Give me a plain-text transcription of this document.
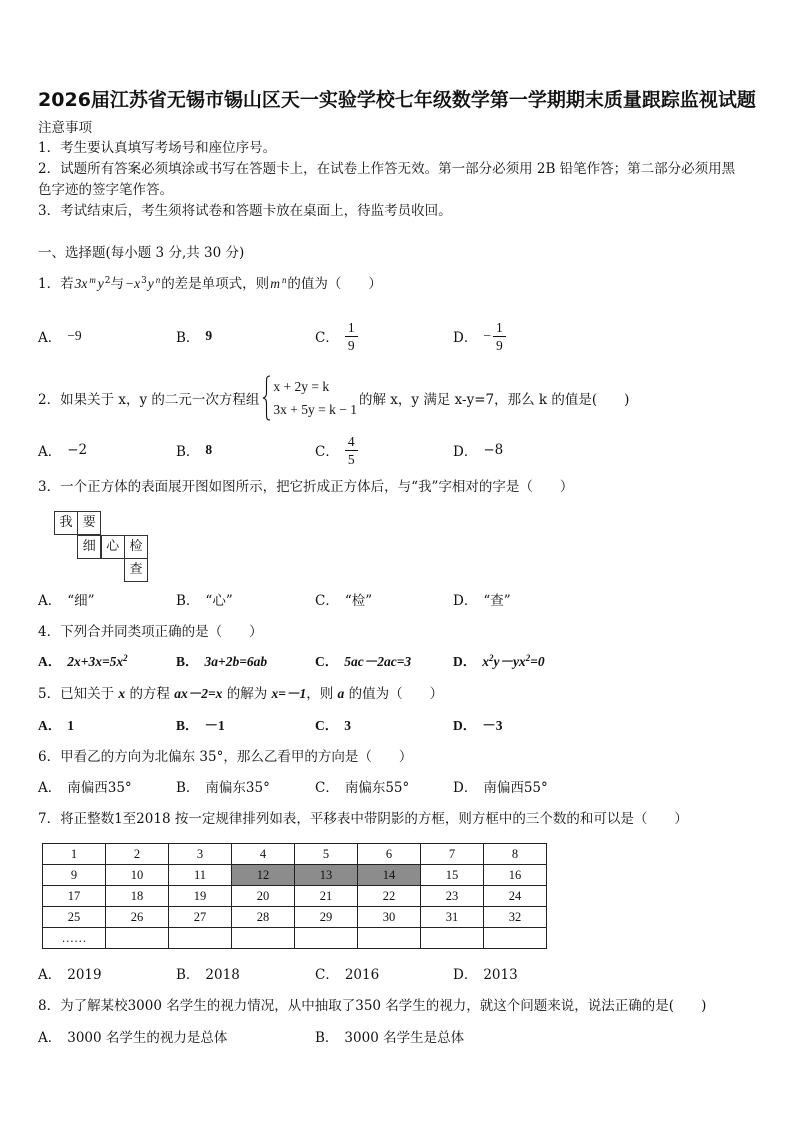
2026届江苏省无锡市锡山区天一实验学校七年级数学第一学期期末质量跟踪监视试题
注意事项
1．考生要认真填写考场号和座位序号。
2．试题所有答案必须填涂或书写在答题卡上，在试卷上作答无效。第一部分必须用 2B 铅笔作答；第二部分必须用黑
色字迹的签字笔作答。
3．考试结束后，考生须将试卷和答题卡放在桌面上，待监考员收回。
一、选择题(每小题 3 分,共 30 分)
1．若3x $^m$ $y^2$与$-x^3y$ $^n$的差是单项式，则m $^n$的值为（　　）
A． −9	B． 9	C． $\frac{1}{9}$	D． − $\frac{1}{9}$
2． 如果关于 x，y 的二元一次方程组
x + 2y = k
3x + 5y = k − 1
的解 x，y 满足 x-y=7，那么 k 的值是(　　)
A． −2	B． 8	C． $\frac{4}{5}$	D． −8
3．一个正方体的表面展开图如图所示，把它折成正方体后，与“我”字相对的字是（　　）
我 要
细 心 检
查
A． “细”	B． “心”	C． “检”	D． “查”
4．下列合并同类项正确的是（　　）
A． $2x+3x=5x^2$	B． 3a+2b=6ab	C． 5ac－2ac=3	D． $x^2y-yx^2=0$
5．已知关于 x 的方程 ax－2=x 的解为 x=－1，则 a 的值为（　　）
A． 1	B． －1	C． 3	D． －3
6．甲看乙的方向为北偏东 35°，那么乙看甲的方向是（　　）
A． 南偏西35°	B． 南偏东35°	C． 南偏东55°	D． 南偏西55°
7．将正整数1至2018 按一定规律排列如表，平移表中带阴影的方框，则方框中的三个数的和可以是（　　）
1	2	3	4	5	6	7	8
9	10	11	12	13	14	15	16
17	18	19	20	21	22	23	24
25	26	27	28	29	30	31	32
……							
A． 2019	B． 2018	C． 2016	D． 2013
8．为了解某校3000 名学生的视力情况，从中抽取了350 名学生的视力，就这个问题来说，说法正确的是(　　)
A． 3000 名学生的视力是总体	B． 3000 名学生是总体
